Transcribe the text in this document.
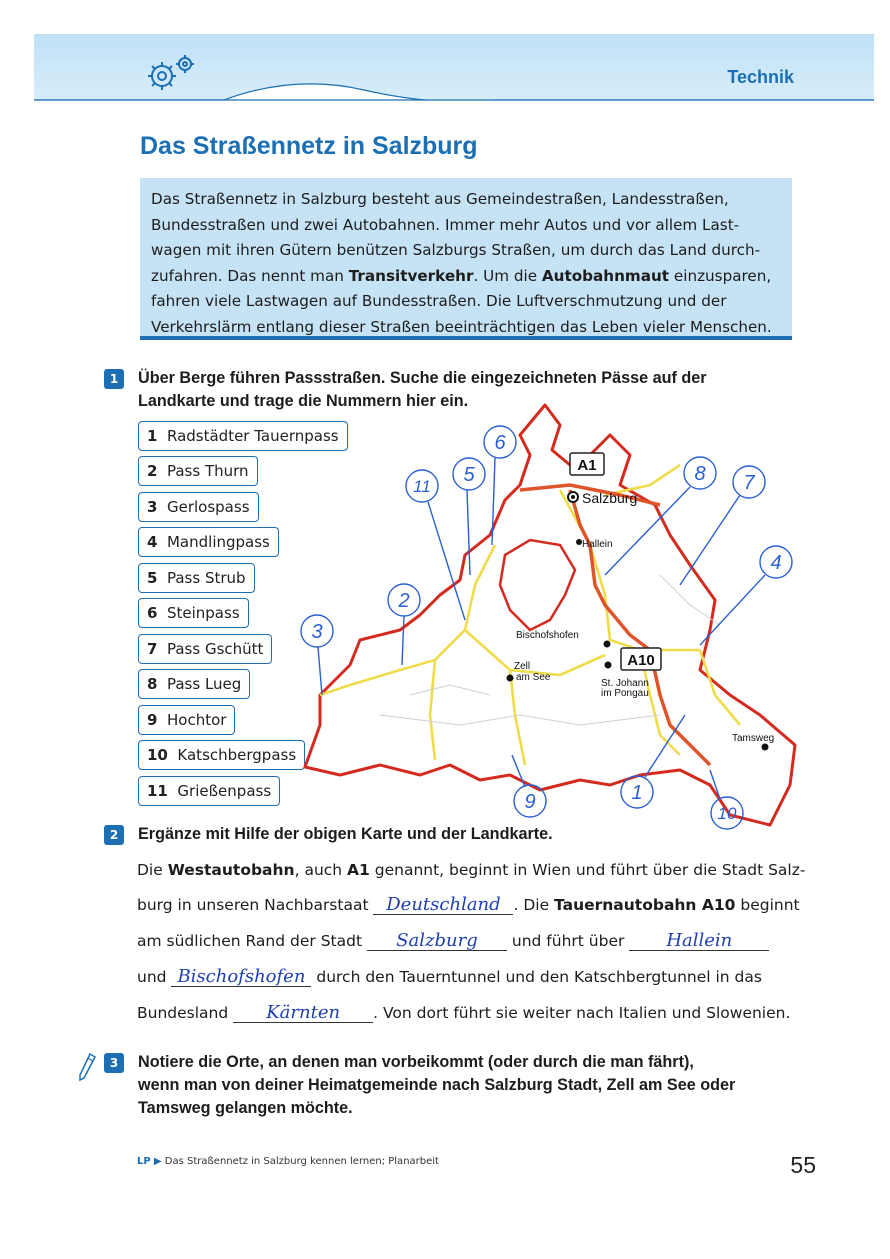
Technik
Das Straßennetz in Salzburg
Das Straßennetz in Salzburg besteht aus Gemeindestraßen, Landesstraßen,
Bundesstraßen und zwei Autobahnen. Immer mehr Autos und vor allem Last-
wagen mit ihren Gütern benützen Salzburgs Straßen, um durch das Land durch-
zufahren. Das nennt man Transitverkehr. Um die Autobahnmaut einzusparen,
fahren viele Lastwagen auf Bundesstraßen. Die Luftverschmutzung und der
Verkehrslärm entlang dieser Straßen beeinträchtigen das Leben vieler Menschen.
1	Über Berge führen Passstraßen. Suche die eingezeichneten Pässe auf der
Landkarte und trage die Nummern hier ein.
1 Radstädter Tauernpass
2 Pass Thurn
3 Gerlospass
4 Mandlingpass
5 Pass Strub
6 Steinpass
7 Pass Gschütt
8 Pass Lueg
9 Hochtor
10 Katschbergpass
11 Grießenpass
A1
Salzburg
Hallein
Bischofshofen
A10
St. Johann
im Pongau
Zell
am See
Tamsweg
6
5
11
2
3
8 7
4
9	1
10
2	Ergänze mit Hilfe der obigen Karte und der Landkarte.
Die Westautobahn, auch A1 genannt, beginnt in Wien und führt über die Stadt Salz-
burg in unseren Nachbarstaat Deutschland . Die Tauernautobahn A10 beginnt
am südlichen Rand der Stadt Salzburg und führt über Hallein
und Bischofshofen durch den Tauerntunnel und den Katschbergtunnel in das
Bundesland Kärnten . Von dort führt sie weiter nach Italien und Slowenien.
3	Notiere die Orte, an denen man vorbeikommt (oder durch die man fährt),
wenn man von deiner Heimatgemeinde nach Salzburg Stadt, Zell am See oder
Tamsweg gelangen möchte.
LP ▶ Das Straßennetz in Salzburg kennen lernen; Planarbeit	55
